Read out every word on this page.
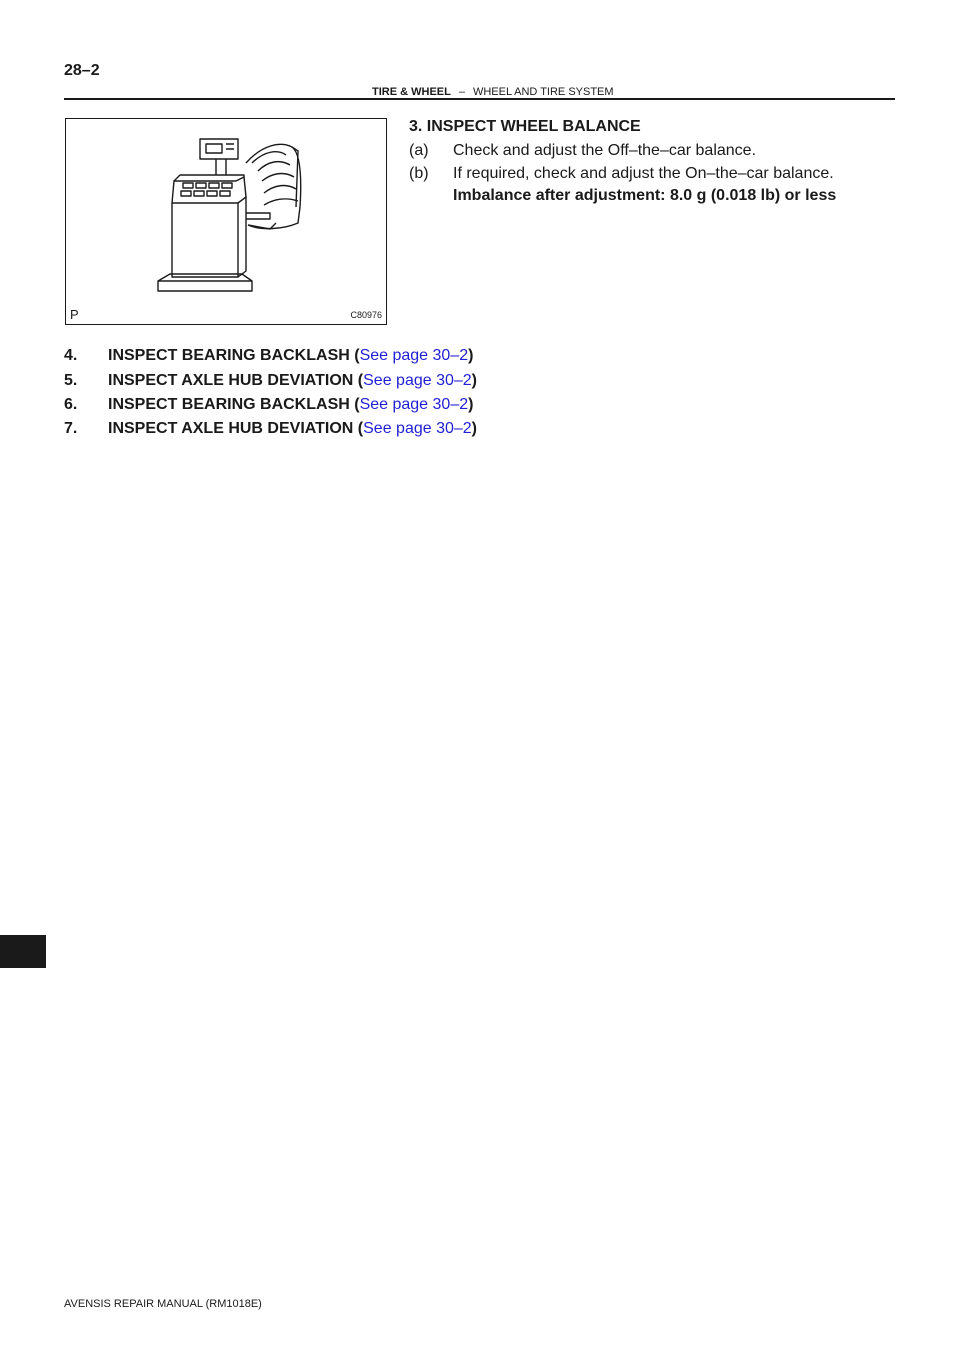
28–2
TIRE & WHEEL – WHEEL AND TIRE SYSTEM
P	C80976
3. INSPECT WHEEL BALANCE
(a) Check and adjust the Off–the–car balance.
(b) If required, check and adjust the On–the–car balance.
Imbalance after adjustment: 8.0 g (0.018 lb) or less
4. INSPECT BEARING BACKLASH (See page 30–2)
5. INSPECT AXLE HUB DEVIATION (See page 30–2)
6. INSPECT BEARING BACKLASH (See page 30–2)
7. INSPECT AXLE HUB DEVIATION (See page 30–2)
AVENSIS REPAIR MANUAL (RM1018E)
